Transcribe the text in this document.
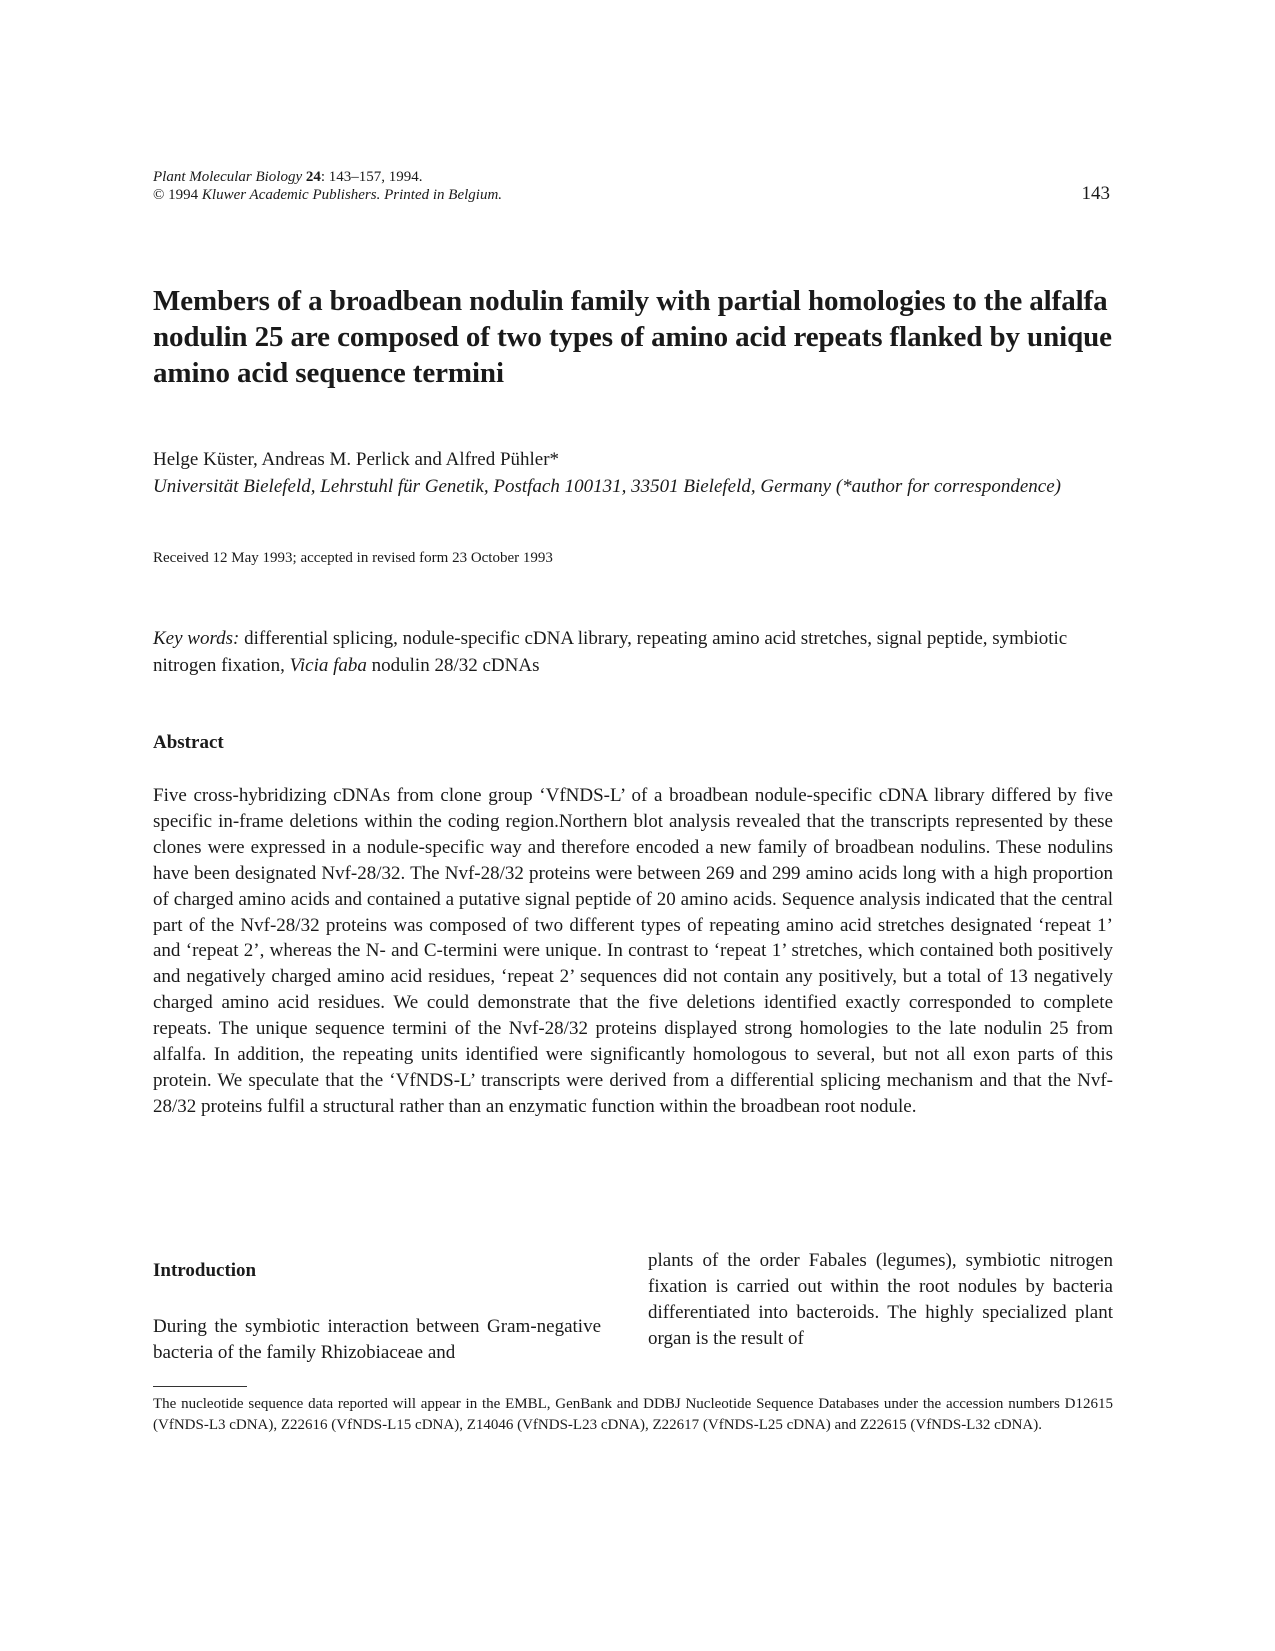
Plant Molecular Biology 24: 143–157, 1994.
© 1994 Kluwer Academic Publishers. Printed in Belgium.	143
Members of a broadbean nodulin family with partial homologies to the alfalfa nodulin 25 are composed of two types of amino acid repeats flanked by unique amino acid sequence termini
Helge Küster, Andreas M. Perlick and Alfred Pühler*
Universität Bielefeld, Lehrstuhl für Genetik, Postfach 100131, 33501 Bielefeld, Germany (*author for correspondence)
Received 12 May 1993; accepted in revised form 23 October 1993
Key words: differential splicing, nodule-specific cDNA library, repeating amino acid stretches, signal peptide, symbiotic nitrogen fixation, Vicia faba nodulin 28/32 cDNAs
Abstract
Five cross-hybridizing cDNAs from clone group ‘VfNDS-L’ of a broadbean nodule-specific cDNA library differed by five specific in-frame deletions within the coding region.Northern blot analysis revealed that the transcripts represented by these clones were expressed in a nodule-specific way and therefore encoded a new family of broadbean nodulins. These nodulins have been designated Nvf-28/32. The Nvf-28/32 proteins were between 269 and 299 amino acids long with a high proportion of charged amino acids and contained a putative signal peptide of 20 amino acids. Sequence analysis indicated that the central part of the Nvf-28/32 proteins was composed of two different types of repeating amino acid stretches designated ‘repeat 1’ and ‘repeat 2’, whereas the N- and C-termini were unique. In contrast to ‘repeat 1’ stretches, which contained both positively and negatively charged amino acid residues, ‘repeat 2’ sequences did not contain any positively, but a total of 13 negatively charged amino acid residues. We could demonstrate that the five deletions identified exactly corresponded to complete repeats. The unique sequence termini of the Nvf-28/32 proteins displayed strong homologies to the late nodulin 25 from alfalfa. In addition, the repeating units identified were significantly homologous to several, but not all exon parts of this protein. We speculate that the ‘VfNDS-L’ transcripts were derived from a differential splicing mechanism and that the Nvf-28/32 proteins fulfil a structural rather than an enzymatic function within the broadbean root nodule.
Introduction
During the symbiotic interaction between Gram-negative bacteria of the family Rhizobiaceae and
plants of the order Fabales (legumes), symbiotic nitrogen fixation is carried out within the root nodules by bacteria differentiated into bacteroids. The highly specialized plant organ is the result of
The nucleotide sequence data reported will appear in the EMBL, GenBank and DDBJ Nucleotide Sequence Databases under the accession numbers D12615 (VfNDS-L3 cDNA), Z22616 (VfNDS-L15 cDNA), Z14046 (VfNDS-L23 cDNA), Z22617 (VfNDS-L25 cDNA) and Z22615 (VfNDS-L32 cDNA).
